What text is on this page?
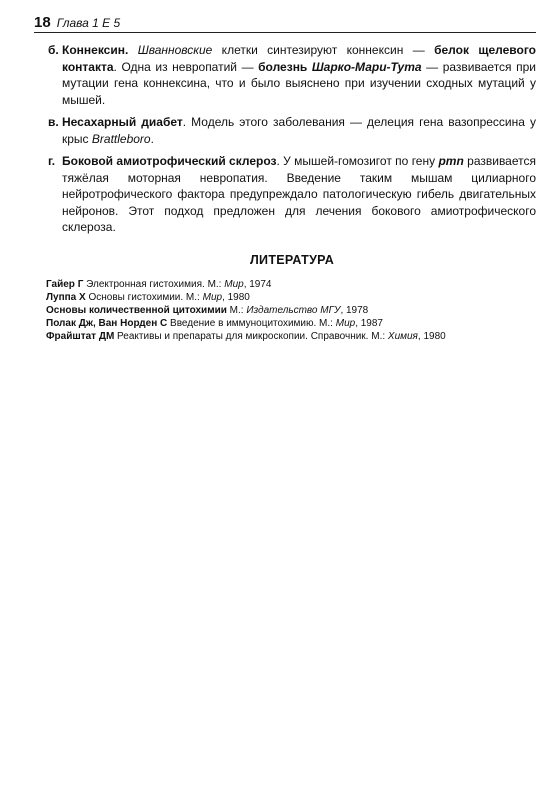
18 Глава 1 Е 5
б. Коннексин. Шванновские клетки синтезируют коннексин — белок щелевого контакта. Одна из невропатий — болезнь Шарко-Мари-Тута — развивается при мутации гена коннексина, что и было выяснено при изучении сходных мутаций у мышей.
в. Несахарный диабет. Модель этого заболевания — делеция гена вазопрессина у крыс Brattleboro.
г. Боковой амиотрофический склероз. У мышей-гомозигот по гену pmn развивается тяжёлая моторная невропатия. Введение таким мышам цилиарного нейротрофического фактора предупреждало патологическую гибель двигательных нейронов. Этот подход предложен для лечения бокового амиотрофического склероза.
ЛИТЕРАТУРА
Гайер Г Электронная гистохимия. М.: Мир, 1974
Луппа Х Основы гистохимии. М.: Мир, 1980
Основы количественной цитохимии М.: Издательство МГУ, 1978
Полак Дж, Ван Норден С Введение в иммуноцитохимию. М.: Мир, 1987
Фрайштат ДМ Реактивы и препараты для микроскопии. Справочник. М.: Химия, 1980
